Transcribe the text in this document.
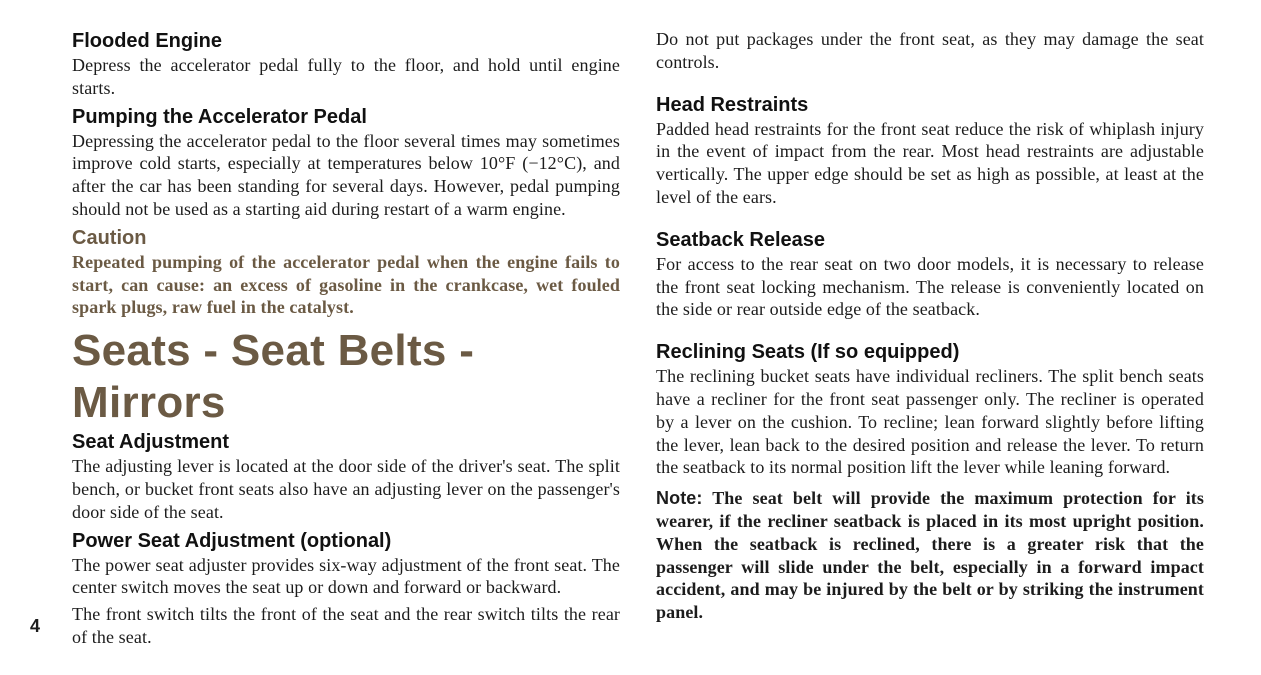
Flooded Engine

Depress the accelerator pedal fully to the floor, and hold until engine starts.

Pumping the Accelerator Pedal

Depressing the accelerator pedal to the floor several times may sometimes improve cold starts, especially at temperatures below 10°F (−12°C), and after the car has been standing for several days. However, pedal pumping should not be used as a starting aid during restart of a warm engine.

Caution

Repeated pumping of the accelerator pedal when the engine fails to start, can cause: an excess of gasoline in the crankcase, wet fouled spark plugs, raw fuel in the catalyst.

Seats - Seat Belts - Mirrors
Seat Adjustment

The adjusting lever is located at the door side of the driver's seat. The split bench, or bucket front seats also have an adjusting lever on the passenger's door side of the seat.

Power Seat Adjustment (optional)

The power seat adjuster provides six-way adjustment of the front seat. The center switch moves the seat up or down and forward or backward.

The front switch tilts the front of the seat and the rear switch tilts the rear of the seat.

4

Do not put packages under the front seat, as they may damage the seat controls.

Head Restraints

Padded head restraints for the front seat reduce the risk of whiplash injury in the event of impact from the rear. Most head restraints are adjustable vertically. The upper edge should be set as high as possible, at least at the level of the ears.

Seatback Release

For access to the rear seat on two door models, it is necessary to release the front seat locking mechanism. The release is conveniently located on the side or rear outside edge of the seatback.

Reclining Seats (If so equipped)

The reclining bucket seats have individual recliners. The split bench seats have a recliner for the front seat passenger only. The recliner is operated by a lever on the cushion. To recline; lean forward slightly before lifting the lever, lean back to the desired position and release the lever. To return the seatback to its normal position lift the lever while leaning forward.

Note: The seat belt will provide the maximum protection for its wearer, if the recliner seatback is placed in its most upright position. When the seatback is reclined, there is a greater risk that the passenger will slide under the belt, especially in a forward impact accident, and may be injured by the belt or by striking the instrument panel.
